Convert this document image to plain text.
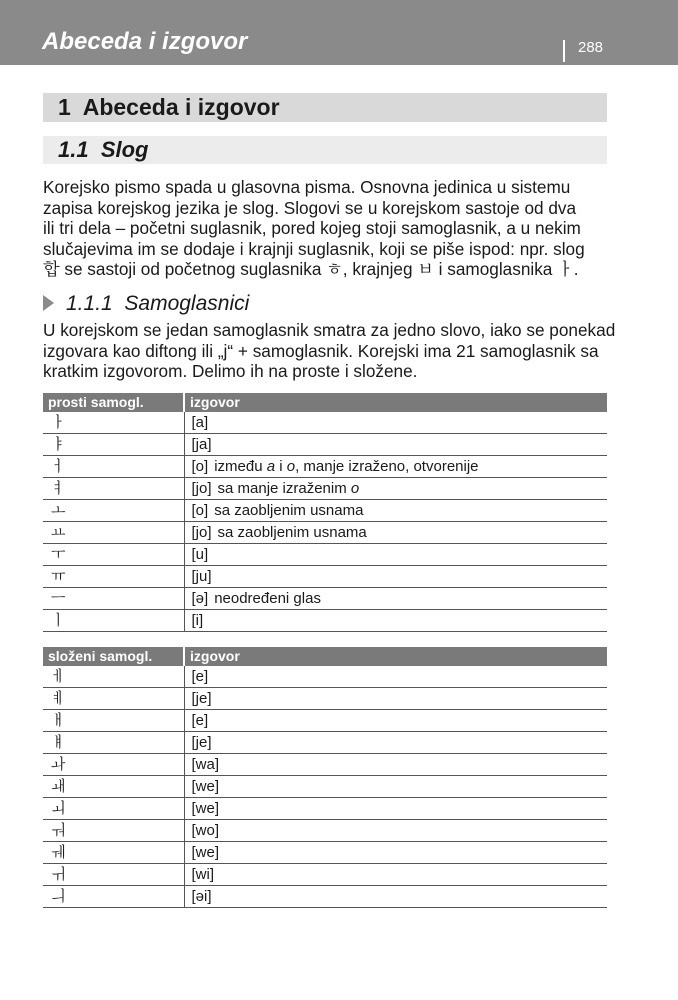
Abeceda i izgovor	288
1 Abeceda i izgovor
1.1 Slog
Korejsko pismo spada u glasovna pisma. Osnovna jedinica u sistemu
zapisa korejskog jezika je slog. Slogovi se u korejskom sastoje od dva
ili tri dela – početni suglasnik, pored kojeg stoji samoglasnik, a u nekim
slučajevima im se dodaje i krajnji suglasnik, koji se piše ispod: npr. slog
합 se sastoji od početnog suglasnika ㅎ, krajnjeg ㅂ i samoglasnika ㅏ.
1.1.1 Samoglasnici
U korejskom se jedan samoglasnik smatra za jedno slovo, iako se ponekad
izgovara kao diftong ili „j“ + samoglasnik. Korejski ima 21 samoglasnik sa
kratkim izgovorom. Delimo ih na proste i složene.
prosti samogl.	izgovor
ㅏ	[a]
ㅑ	[ja]
ㅓ	[o] između a i o, manje izraženo, otvorenije
ㅕ	[jo] sa manje izraženim o
ㅗ	[o] sa zaobljenim usnama
ㅛ	[jo] sa zaobljenim usnama
ㅜ	[u]
ㅠ	[ju]
ㅡ	[ə] neodređeni glas
ㅣ	[i]
složeni samogl.	izgovor
ㅔ	[e]
ㅖ	[je]
ㅐ	[e]
ㅒ	[je]
ㅘ	[wa]
ㅙ	[we]
ㅚ	[we]
ㅝ	[wo]
ㅞ	[we]
ㅟ	[wi]
ㅢ	[əi]
